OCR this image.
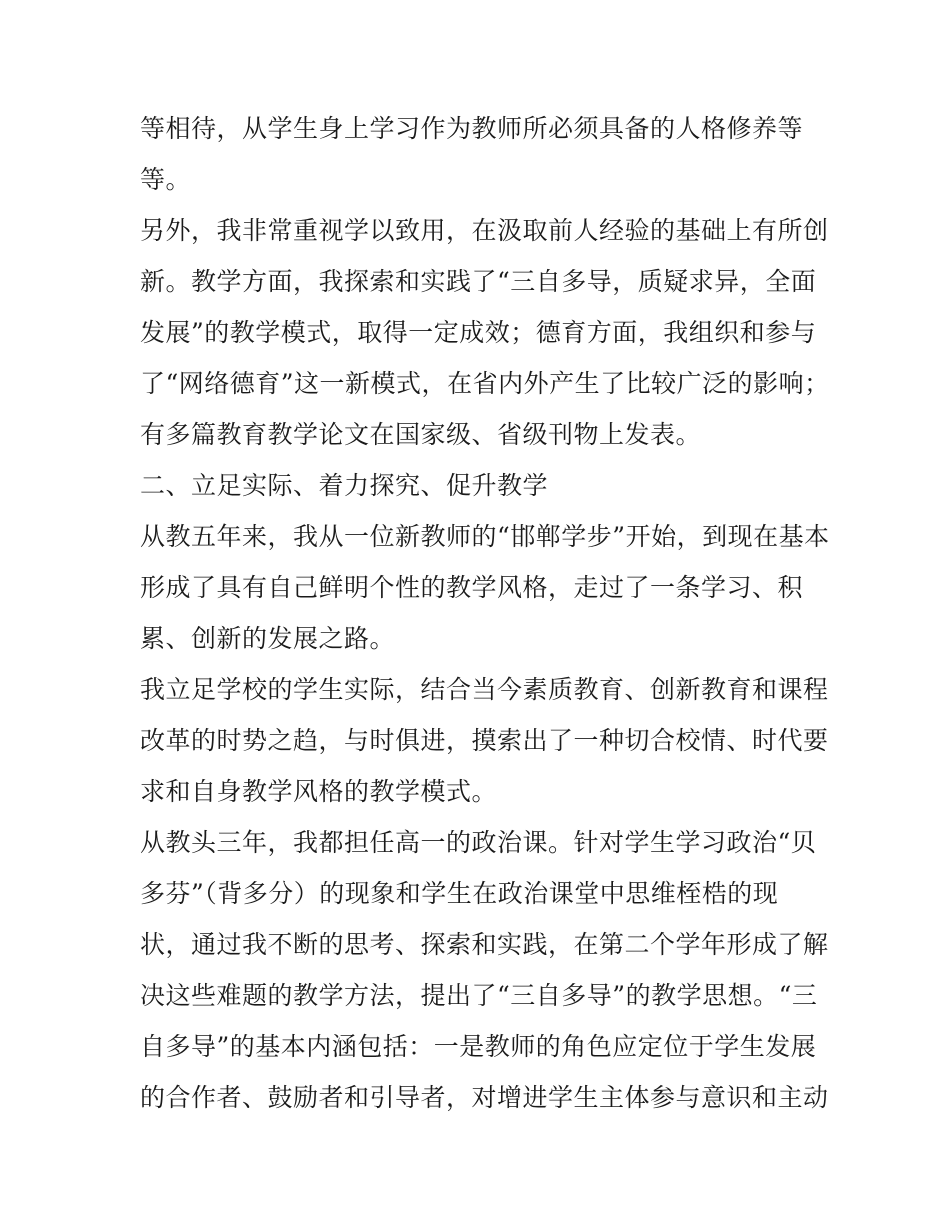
等相待，从学生身上学习作为教师所必须具备的人格修养等
等。
另外，我非常重视学以致用，在汲取前人经验的基础上有所创
新。教学方面，我探索和实践了“三自多导，质疑求异，全面
发展”的教学模式，取得一定成效；德育方面，我组织和参与
了“网络德育”这一新模式，在省内外产生了比较广泛的影响；
有多篇教育教学论文在国家级、省级刊物上发表。
二、立足实际、着力探究、促升教学
从教五年来，我从一位新教师的“邯郸学步”开始，到现在基本
形成了具有自己鲜明个性的教学风格，走过了一条学习、积
累、创新的发展之路。
我立足学校的学生实际，结合当今素质教育、创新教育和课程
改革的时势之趋，与时俱进，摸索出了一种切合校情、时代要
求和自身教学风格的教学模式。
从教头三年，我都担任高一的政治课。针对学生学习政治“贝
多芬”（背多分）的现象和学生在政治课堂中思维桎梏的现
状，通过我不断的思考、探索和实践，在第二个学年形成了解
决这些难题的教学方法，提出了“三自多导”的教学思想。“三
自多导”的基本内涵包括：一是教师的角色应定位于学生发展
的合作者、鼓励者和引导者，对增进学生主体参与意识和主动
